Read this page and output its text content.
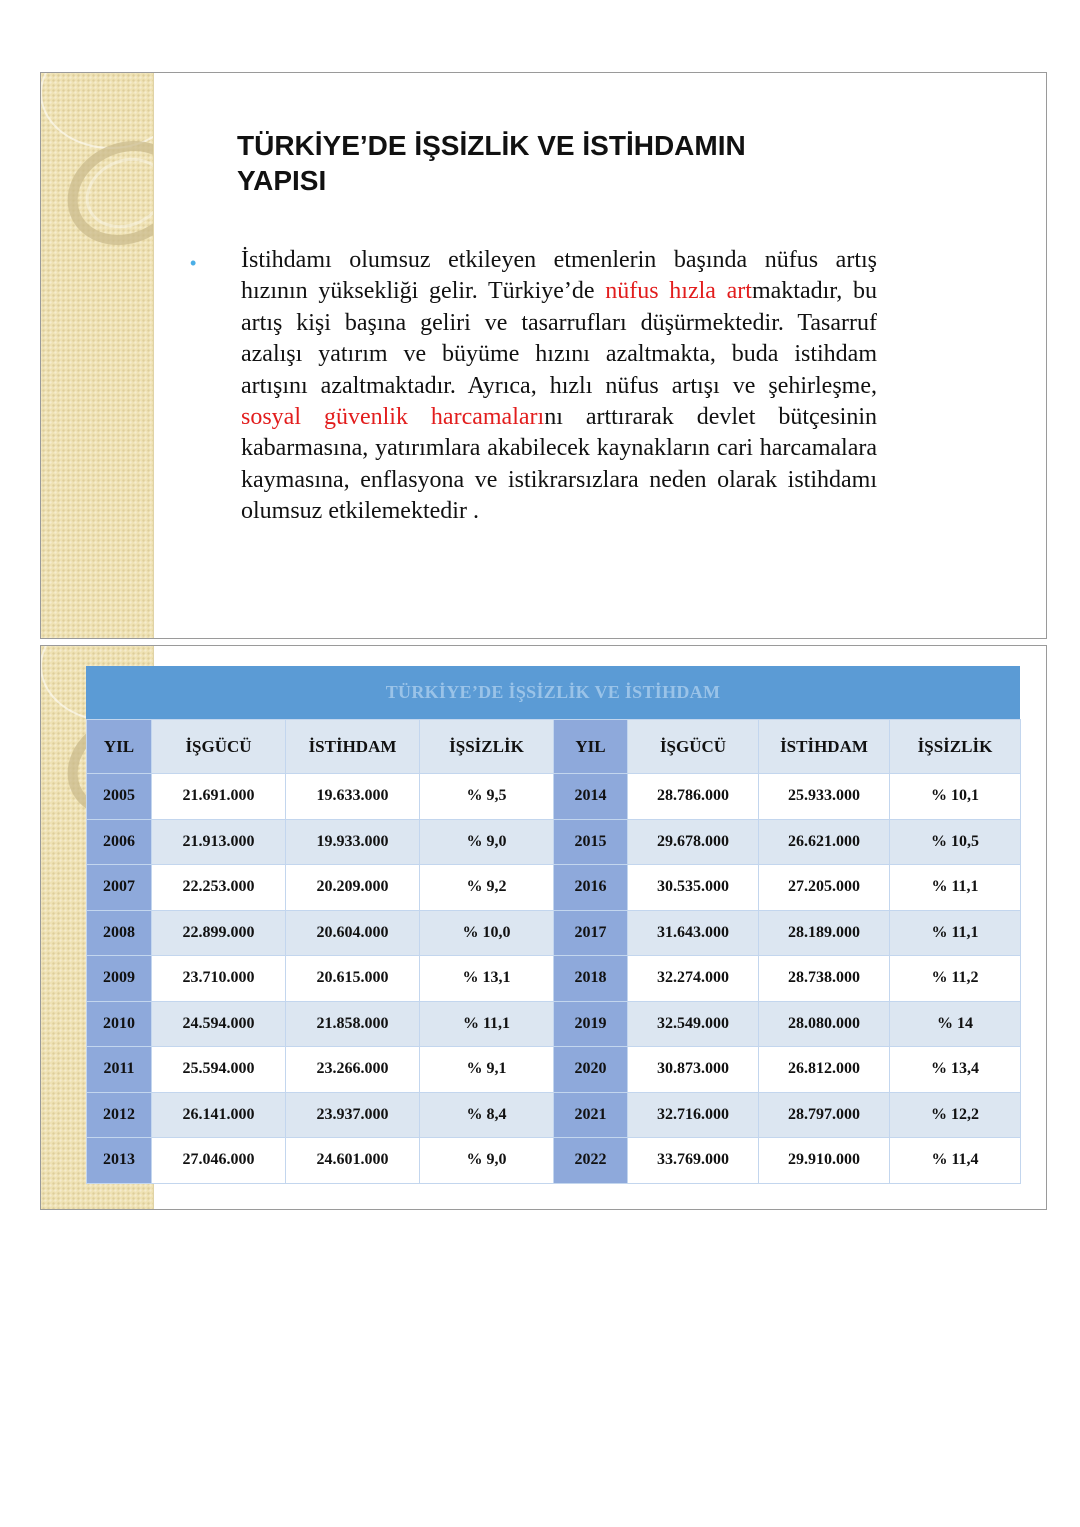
TÜRKİYE’DE İŞSİZLİK VE İSTİHDAMIN
YAPISI
• İstihdamı olumsuz etkileyen etmenlerin başında nüfus artış hızının yüksekliği gelir. Türkiye’de nüfus hızla artmaktadır, bu artış kişi başına geliri ve tasarrufları düşürmektedir. Tasarruf azalışı yatırım ve büyüme hızını azaltmakta, buda istihdam artışını azaltmaktadır. Ayrıca, hızlı nüfus artışı ve şehirleşme, sosyal güvenlik harcamalarını arttırarak devlet bütçesinin kabarmasına, yatırımlara akabilecek kaynakların cari harcamalara kaymasına, enflasyona ve istikrarsızlara neden olarak istihdamı olumsuz etkilemektedir .

TÜRKİYE’DE İŞSİZLİK VE İSTİHDAM
YIL	İŞGÜCÜ	İSTİHDAM	İŞSİZLİK	YIL	İŞGÜCÜ	İSTİHDAM	İŞSİZLİK
2005	21.691.000	19.633.000	% 9,5	2014	28.786.000	25.933.000	% 10,1
2006	21.913.000	19.933.000	% 9,0	2015	29.678.000	26.621.000	% 10,5
2007	22.253.000	20.209.000	% 9,2	2016	30.535.000	27.205.000	% 11,1
2008	22.899.000	20.604.000	% 10,0	2017	31.643.000	28.189.000	% 11,1
2009	23.710.000	20.615.000	% 13,1	2018	32.274.000	28.738.000	% 11,2
2010	24.594.000	21.858.000	% 11,1	2019	32.549.000	28.080.000	% 14
2011	25.594.000	23.266.000	% 9,1	2020	30.873.000	26.812.000	% 13,4
2012	26.141.000	23.937.000	% 8,4	2021	32.716.000	28.797.000	% 12,2
2013	27.046.000	24.601.000	% 9,0	2022	33.769.000	29.910.000	% 11,4
